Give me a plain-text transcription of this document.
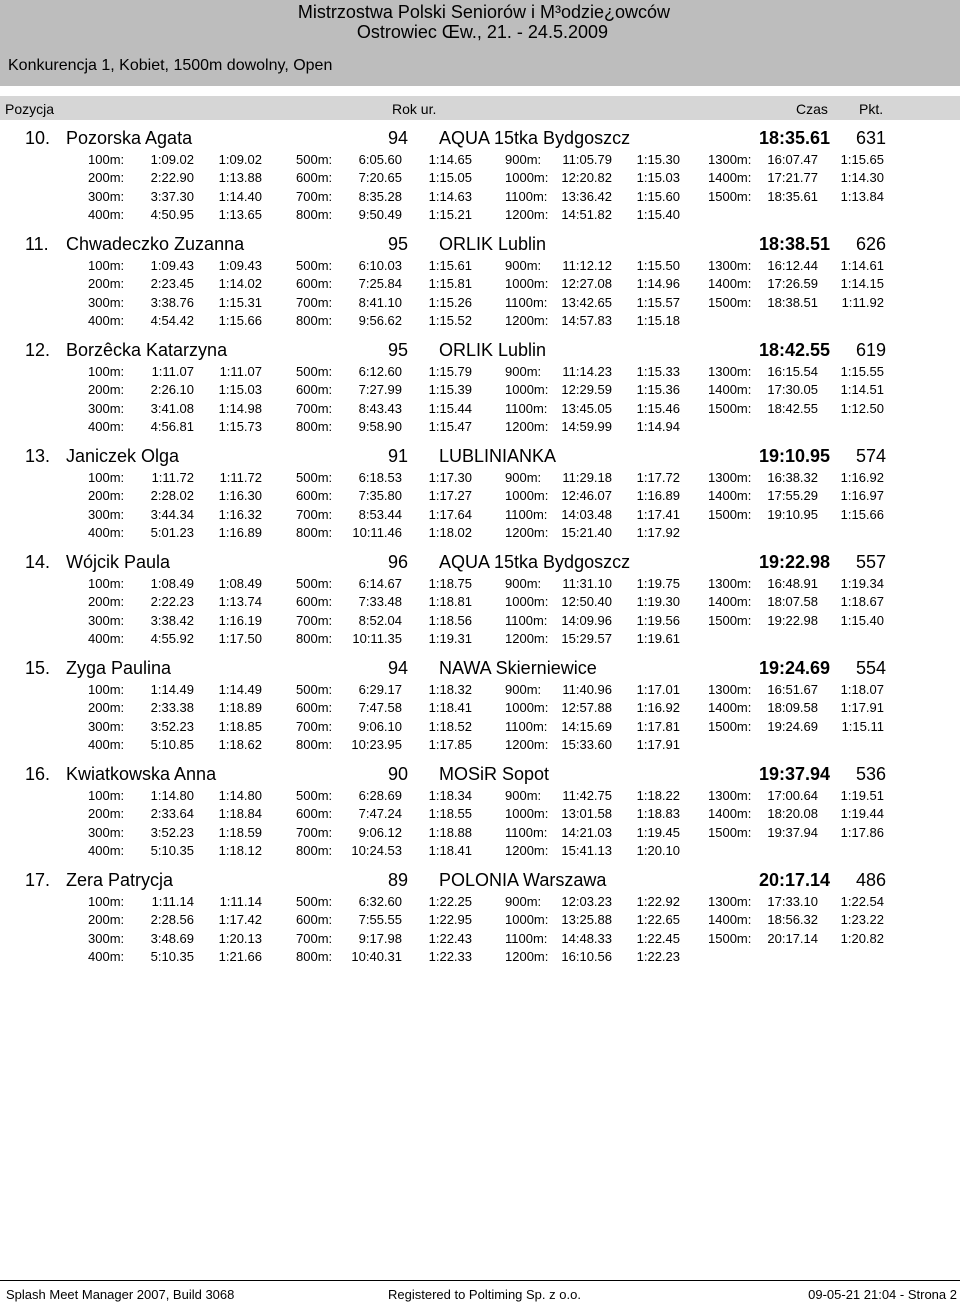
Mistrzostwa Polski Seniorów i M³odzie¿owców
Ostrowiec Œw., 21. - 24.5.2009
Konkurencja 1, Kobiet, 1500m dowolny, Open
Pozycja	Rok ur.	Czas Pkt.
10. Pozorska Agata	94 AQUA 15tka Bydgoszcz	18:35.61	631
100m:	1:09.02	1:09.02
200m:	2:22.90	1:13.88
300m:	3:37.30	1:14.40
400m:	4:50.95	1:13.65
500m:	6:05.60	1:14.65
600m:	7:20.65	1:15.05
700m:	8:35.28	1:14.63
800m:	9:50.49	1:15.21
900m:	11:05.79	1:15.30
1000m:	12:20.82	1:15.03
1100m:	13:36.42	1:15.60
1200m:	14:51.82	1:15.40
1300m:	16:07.47	1:15.65
1400m:	17:21.77	1:14.30
1500m:	18:35.61	1:13.84
11. Chwadeczko Zuzanna	95 ORLIK Lublin	18:38.51	626
100m:	1:09.43	1:09.43
200m:	2:23.45	1:14.02
300m:	3:38.76	1:15.31
400m:	4:54.42	1:15.66
500m:	6:10.03	1:15.61
600m:	7:25.84	1:15.81
700m:	8:41.10	1:15.26
800m:	9:56.62	1:15.52
900m:	11:12.12	1:15.50
1000m:	12:27.08	1:14.96
1100m:	13:42.65	1:15.57
1200m:	14:57.83	1:15.18
1300m:	16:12.44	1:14.61
1400m:	17:26.59	1:14.15
1500m:	18:38.51	1:11.92
12. Borzêcka Katarzyna	95 ORLIK Lublin	18:42.55	619
100m:	1:11.07	1:11.07
200m:	2:26.10	1:15.03
300m:	3:41.08	1:14.98
400m:	4:56.81	1:15.73
500m:	6:12.60	1:15.79
600m:	7:27.99	1:15.39
700m:	8:43.43	1:15.44
800m:	9:58.90	1:15.47
900m:	11:14.23	1:15.33
1000m:	12:29.59	1:15.36
1100m:	13:45.05	1:15.46
1200m:	14:59.99	1:14.94
1300m:	16:15.54	1:15.55
1400m:	17:30.05	1:14.51
1500m:	18:42.55	1:12.50
13. Janiczek Olga	91 LUBLINIANKA	19:10.95	574
100m:	1:11.72	1:11.72
200m:	2:28.02	1:16.30
300m:	3:44.34	1:16.32
400m:	5:01.23	1:16.89
500m:	6:18.53	1:17.30
600m:	7:35.80	1:17.27
700m:	8:53.44	1:17.64
800m:	10:11.46	1:18.02
900m:	11:29.18	1:17.72
1000m:	12:46.07	1:16.89
1100m:	14:03.48	1:17.41
1200m:	15:21.40	1:17.92
1300m:	16:38.32	1:16.92
1400m:	17:55.29	1:16.97
1500m:	19:10.95	1:15.66
14. Wójcik Paula	96 AQUA 15tka Bydgoszcz	19:22.98	557
100m:	1:08.49	1:08.49
200m:	2:22.23	1:13.74
300m:	3:38.42	1:16.19
400m:	4:55.92	1:17.50
500m:	6:14.67	1:18.75
600m:	7:33.48	1:18.81
700m:	8:52.04	1:18.56
800m:	10:11.35	1:19.31
900m:	11:31.10	1:19.75
1000m:	12:50.40	1:19.30
1100m:	14:09.96	1:19.56
1200m:	15:29.57	1:19.61
1300m:	16:48.91	1:19.34
1400m:	18:07.58	1:18.67
1500m:	19:22.98	1:15.40
15. Zyga Paulina	94 NAWA Skierniewice	19:24.69	554
100m:	1:14.49	1:14.49
200m:	2:33.38	1:18.89
300m:	3:52.23	1:18.85
400m:	5:10.85	1:18.62
500m:	6:29.17	1:18.32
600m:	7:47.58	1:18.41
700m:	9:06.10	1:18.52
800m:	10:23.95	1:17.85
900m:	11:40.96	1:17.01
1000m:	12:57.88	1:16.92
1100m:	14:15.69	1:17.81
1200m:	15:33.60	1:17.91
1300m:	16:51.67	1:18.07
1400m:	18:09.58	1:17.91
1500m:	19:24.69	1:15.11
16. Kwiatkowska Anna	90 MOSiR Sopot	19:37.94	536
100m:	1:14.80	1:14.80
200m:	2:33.64	1:18.84
300m:	3:52.23	1:18.59
400m:	5:10.35	1:18.12
500m:	6:28.69	1:18.34
600m:	7:47.24	1:18.55
700m:	9:06.12	1:18.88
800m:	10:24.53	1:18.41
900m:	11:42.75	1:18.22
1000m:	13:01.58	1:18.83
1100m:	14:21.03	1:19.45
1200m:	15:41.13	1:20.10
1300m:	17:00.64	1:19.51
1400m:	18:20.08	1:19.44
1500m:	19:37.94	1:17.86
17. Zera Patrycja	89 POLONIA Warszawa	20:17.14	486
100m:	1:11.14	1:11.14
200m:	2:28.56	1:17.42
300m:	3:48.69	1:20.13
400m:	5:10.35	1:21.66
500m:	6:32.60	1:22.25
600m:	7:55.55	1:22.95
700m:	9:17.98	1:22.43
800m:	10:40.31	1:22.33
900m:	12:03.23	1:22.92
1000m:	13:25.88	1:22.65
1100m:	14:48.33	1:22.45
1200m:	16:10.56	1:22.23
1300m:	17:33.10	1:22.54
1400m:	18:56.32	1:23.22
1500m:	20:17.14	1:20.82
Splash Meet Manager 2007, Build 3068	Registered to Poltiming Sp. z o.o.	09-05-21 21:04 - Strona 2
